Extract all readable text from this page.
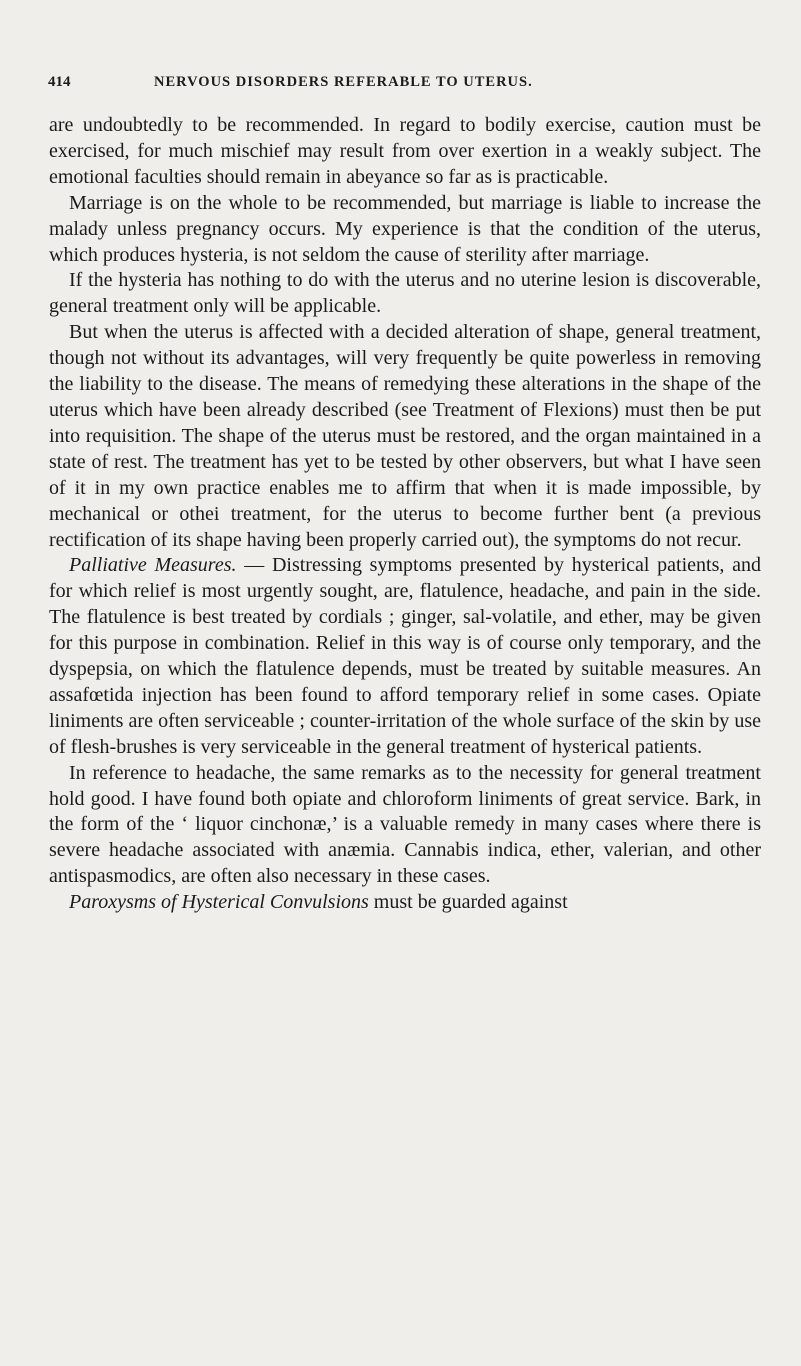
414	NERVOUS DISORDERS REFERABLE TO UTERUS.

are undoubtedly to be recommended. In regard to bodily exercise, caution must be exercised, for much mischief may result from over exertion in a weakly subject. The emotional faculties should remain in abeyance so far as is practicable.

Marriage is on the whole to be recommended, but marriage is liable to increase the malady unless pregnancy occurs. My experience is that the condition of the uterus, which produces hysteria, is not seldom the cause of sterility after marriage.

If the hysteria has nothing to do with the uterus and no uterine lesion is discoverable, general treatment only will be applicable.

But when the uterus is affected with a decided alteration of shape, general treatment, though not without its advantages, will very frequently be quite powerless in removing the liability to the disease. The means of remedying these alterations in the shape of the uterus which have been already described (see Treatment of Flexions) must then be put into requisition. The shape of the uterus must be restored, and the organ maintained in a state of rest. The treatment has yet to be tested by other observers, but what I have seen of it in my own practice enables me to affirm that when it is made impossible, by mechanical or othei treatment, for the uterus to become further bent (a previous rectification of its shape having been properly carried out), the symptoms do not recur.

Palliative Measures. — Distressing symptoms presented by hysterical patients, and for which relief is most urgently sought, are, flatulence, headache, and pain in the side. The flatulence is best treated by cordials ; ginger, sal-volatile, and ether, may be given for this purpose in combination. Relief in this way is of course only temporary, and the dyspepsia, on which the flatulence depends, must be treated by suitable measures. An assafœtida injection has been found to afford temporary relief in some cases. Opiate liniments are often serviceable ; counter-irritation of the whole surface of the skin by use of flesh-brushes is very serviceable in the general treatment of hysterical patients.

In reference to headache, the same remarks as to the necessity for general treatment hold good. I have found both opiate and chloroform liniments of great service. Bark, in the form of the ‘ liquor cinchonæ,’ is a valuable remedy in many cases where there is severe headache associated with anæmia. Cannabis indica, ether, valerian, and other antispasmodics, are often also necessary in these cases.

Paroxysms of Hysterical Convulsions must be guarded against
